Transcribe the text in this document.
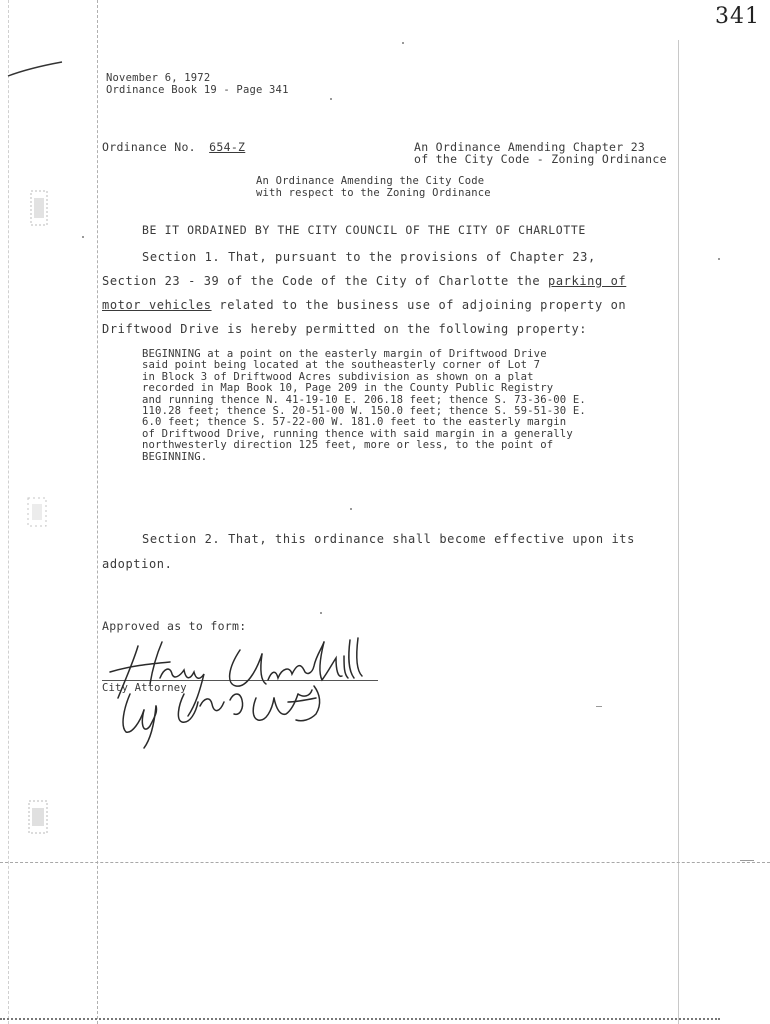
341
November 6, 1972
Ordinance Book 19 - Page 341
Ordinance No. 654-Z	An Ordinance Amending Chapter 23
of the City Code - Zoning Ordinance
An Ordinance Amending the City Code
with respect to the Zoning Ordinance
BE IT ORDAINED BY THE CITY COUNCIL OF THE CITY OF CHARLOTTE
Section 1. That, pursuant to the provisions of Chapter 23,
Section 23 - 39 of the Code of the City of Charlotte the parking of
motor vehicles related to the business use of adjoining property on
Driftwood Drive is hereby permitted on the following property:
BEGINNING at a point on the easterly margin of Driftwood Drive
said point being located at the southeasterly corner of Lot 7
in Block 3 of Driftwood Acres subdivision as shown on a plat
recorded in Map Book 10, Page 209 in the County Public Registry
and running thence N. 41-19-10 E. 206.18 feet; thence S. 73-36-00 E.
110.28 feet; thence S. 20-51-00 W. 150.0 feet; thence S. 59-51-30 E.
6.0 feet; thence S. 57-22-00 W. 181.0 feet to the easterly margin
of Driftwood Drive, running thence with said margin in a generally
northwesterly direction 125 feet, more or less, to the point of
BEGINNING.
Section 2. That, this ordinance shall become effective upon its
adoption.
Approved as to form:
City Attorney
